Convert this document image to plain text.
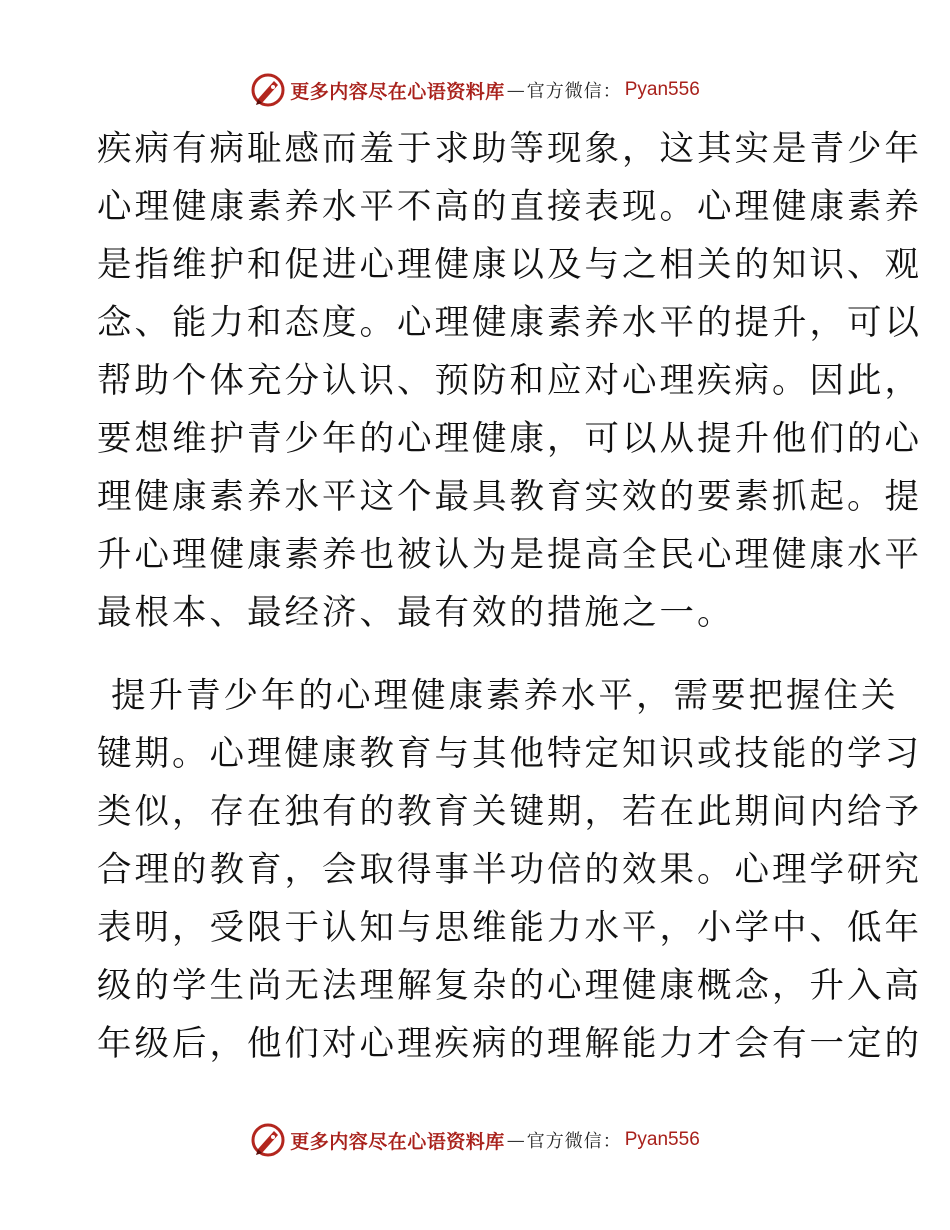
更多内容尽在心语资料库 — 官方微信 ： Pyan556

疾病有病耻感而羞于求助等现象，这其实是青少年
心理健康素养水平不高的直接表现。心理健康素养
是指维护和促进心理健康以及与之相关的知识、观
念、能力和态度。心理健康素养水平的提升，可以
帮助个体充分认识、预防和应对心理疾病。因此，
要想维护青少年的心理健康，可以从提升他们的心
理健康素养水平这个最具教育实效的要素抓起。提
升心理健康素养也被认为是提高全民心理健康水平
最根本、最经济、最有效的措施之一。

提升青少年的心理健康素养水平，需要把握住关
键期。心理健康教育与其他特定知识或技能的学习
类似，存在独有的教育关键期，若在此期间内给予
合理的教育，会取得事半功倍的效果。心理学研究
表明，受限于认知与思维能力水平，小学中、低年
级的学生尚无法理解复杂的心理健康概念，升入高
年级后，他们对心理疾病的理解能力才会有一定的

更多内容尽在心语资料库 — 官方微信 ： Pyan556
